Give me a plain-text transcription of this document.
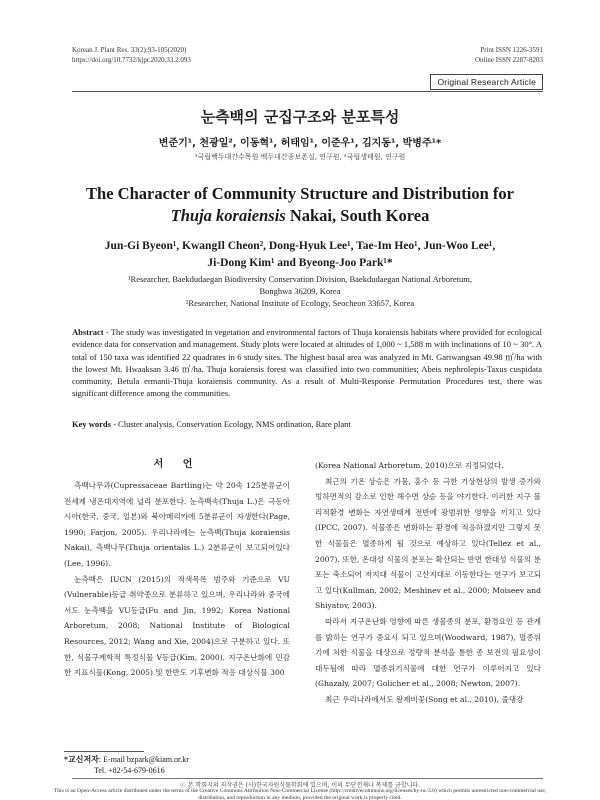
Korean J. Plant Res. 33(2):93-105(2020)
https://doi.org/10.7732/kjpr.2020.33.2.093
Print ISSN 1226-3591
Online ISSN 2287-8203
Original Research Article
눈측백의 군집구조와 분포특성
변준기¹, 천광일², 이동혁¹, 허태임¹, 이준우¹, 김지동¹, 박병주¹*
¹국립백두대간수목원 백두대간종보존실, 연구원, ²국립생태원, 연구원
The Character of Community Structure and Distribution for
Thuja koraiensis Nakai, South Korea
Jun-Gi Byeon¹, KwangIl Cheon², Dong-Hyuk Lee¹, Tae-Im Heo¹, Jun-Woo Lee¹,
Ji-Dong Kim¹ and Byeong-Joo Park¹*
¹Researcher, Baekdudaegan Biodiversity Conservation Division, Baekdudaegan National Arboretum,
Bonghwa 36209, Korea
²Researcher, National Institute of Ecology, Seocheon 33657, Korea
Abstract - The study was investigated in vegetation and environmental factors of Thuja koraiensis habitats where provided for ecological evidence data for conservation and management. Study plots were located at altitudes of 1,000 ~ 1,588 m with inclinations of 10 ~ 30°. A total of 150 taxa was identified 22 quadrates in 6 study sites. The highest basal area was analyzed in Mt. Gariwangsan 49.98 ㎡/ha with the lowest Mt. Hwaaksan 3.46 ㎡/ha. Thuja koraiensis forest was classified into two communities; Abeis nephrolepis-Taxus cuspidata community, Betula ermanii-Thuja koraiensis community. As a result of Multi-Response Permutation Procedures test, there was significant difference among the communities.
Key words - Cluster analysis, Conservation Ecology, NMS ordination, Rare plant
서 언

측백나무과(Cupressaceae Bartling)는 약 20속 125분류군이 전세계 냉온대지역에 널리 분포한다. 눈측백속(Thuja L.)은 극동아시아(한국, 중국, 일본)와 북아메리카에 5분류군이 자생한다(Page, 1990; Farjon, 2005). 우리나라에는 눈측백(Thuja koraiensis Nakai), 측백나무(Thuja orientalis L.) 2분류군이 보고되어있다(Lee, 1996).

눈측백은 IUCN (2015)의 적색목록 범주와 기준으로 VU (Vulnerable)등급 취약종으로 분류하고 있으며, 우리나라와 중국에서도 눈측백을 VU등급(Fu and Jin, 1992; Korea National Arboretum, 2008; National Institute of Biological Resources, 2012; Wang and Xie, 2004)으로 구분하고 있다. 또한, 식물구계학적 특정식물 V등급(Kim, 2000), 지구온난화에 민감한 지표식물(Kong, 2005) 및 한반도 기후변화 적응 대상식물 300

(Korea National Arboretum, 2010)으로 지정되었다.

최근의 기온 상승은 가뭄, 홍수 등 극한 기상현상의 발생 증가와 빙하면적의 감소로 인한 해수면 상승 등을 야기한다. 이러한 지구 물리적환경 변화는 자연생태계 전반에 광범위한 영향을 끼치고 있다(IPCC, 2007). 식물종은 변화하는 환경에 적응하겠지만 그렇지 못한 식물들은 멸종하게 될 것으로 예상하고 있다(Tellez et al., 2007). 또한, 온대성 식물의 분포는 확산되는 반면 한대성 식물의 분포는 축소되어 저지대 식물이 고산지대로 이동한다는 연구가 보고되고 있다(Kullman, 2002; Meshinev et al., 2000; Moiseev and Shiyatov, 2003).

따라서 지구온난화 영향에 따른 생물종의 분포, 환경요인 등 관계를 밝히는 연구가 중요시 되고 있으며(Woodward, 1987), 멸종위기에 처한 식물을 대상으로 정량적 분석을 통한 종 보전의 필요성이 대두됨에 따라 멸종위기식물에 대한 연구가 이루어지고 있다(Ghazaly, 2007; Golicher et al., 2008; Newton, 2007).

최근 우리나라에서도 왕제비꽃(Song et al., 2010), 줄댕강

*교신저자: E-mail bzpark@kiam.or.kr
Tel. +82-54-679-0616
ⓒ 본 학회지의 저작권은 (사)한국자원식물학회에 있으며, 이의 무단전재나 복제를 금합니다.
This is an Open-Access article distributed under the terms of the Creative Commons Attribution Non-Commercial License (http://creativecommons.org/licenses/by-nc/3.0) which permits unrestricted non-commercial use, distribution, and reproduction in any medium, provided the original work is properly cited.
